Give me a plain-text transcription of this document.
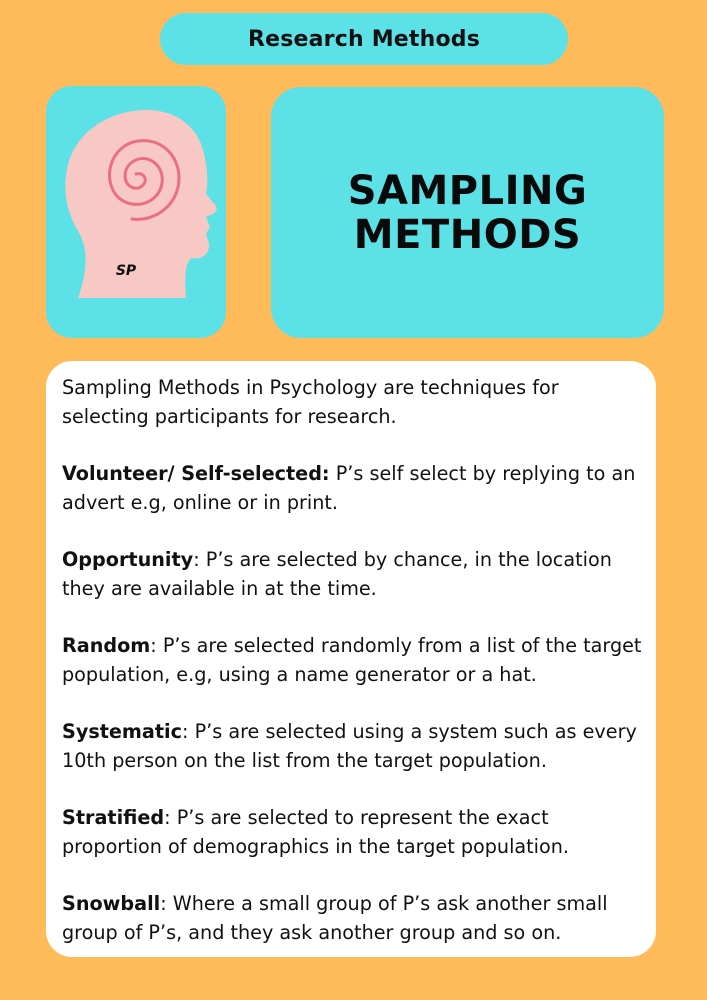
Research Methods
SP
SAMPLING
METHODS

Sampling Methods in Psychology are techniques for selecting participants for research.

Volunteer/ Self-selected: P’s self select by replying to an advert e.g, online or in print.

Opportunity: P’s are selected by chance, in the location they are available in at the time.

Random: P’s are selected randomly from a list of the target population, e.g, using a name generator or a hat.

Systematic: P’s are selected using a system such as every 10th person on the list from the target population.

Stratified: P’s are selected to represent the exact proportion of demographics in the target population.

Snowball: Where a small group of P’s ask another small group of P’s, and they ask another group and so on.
